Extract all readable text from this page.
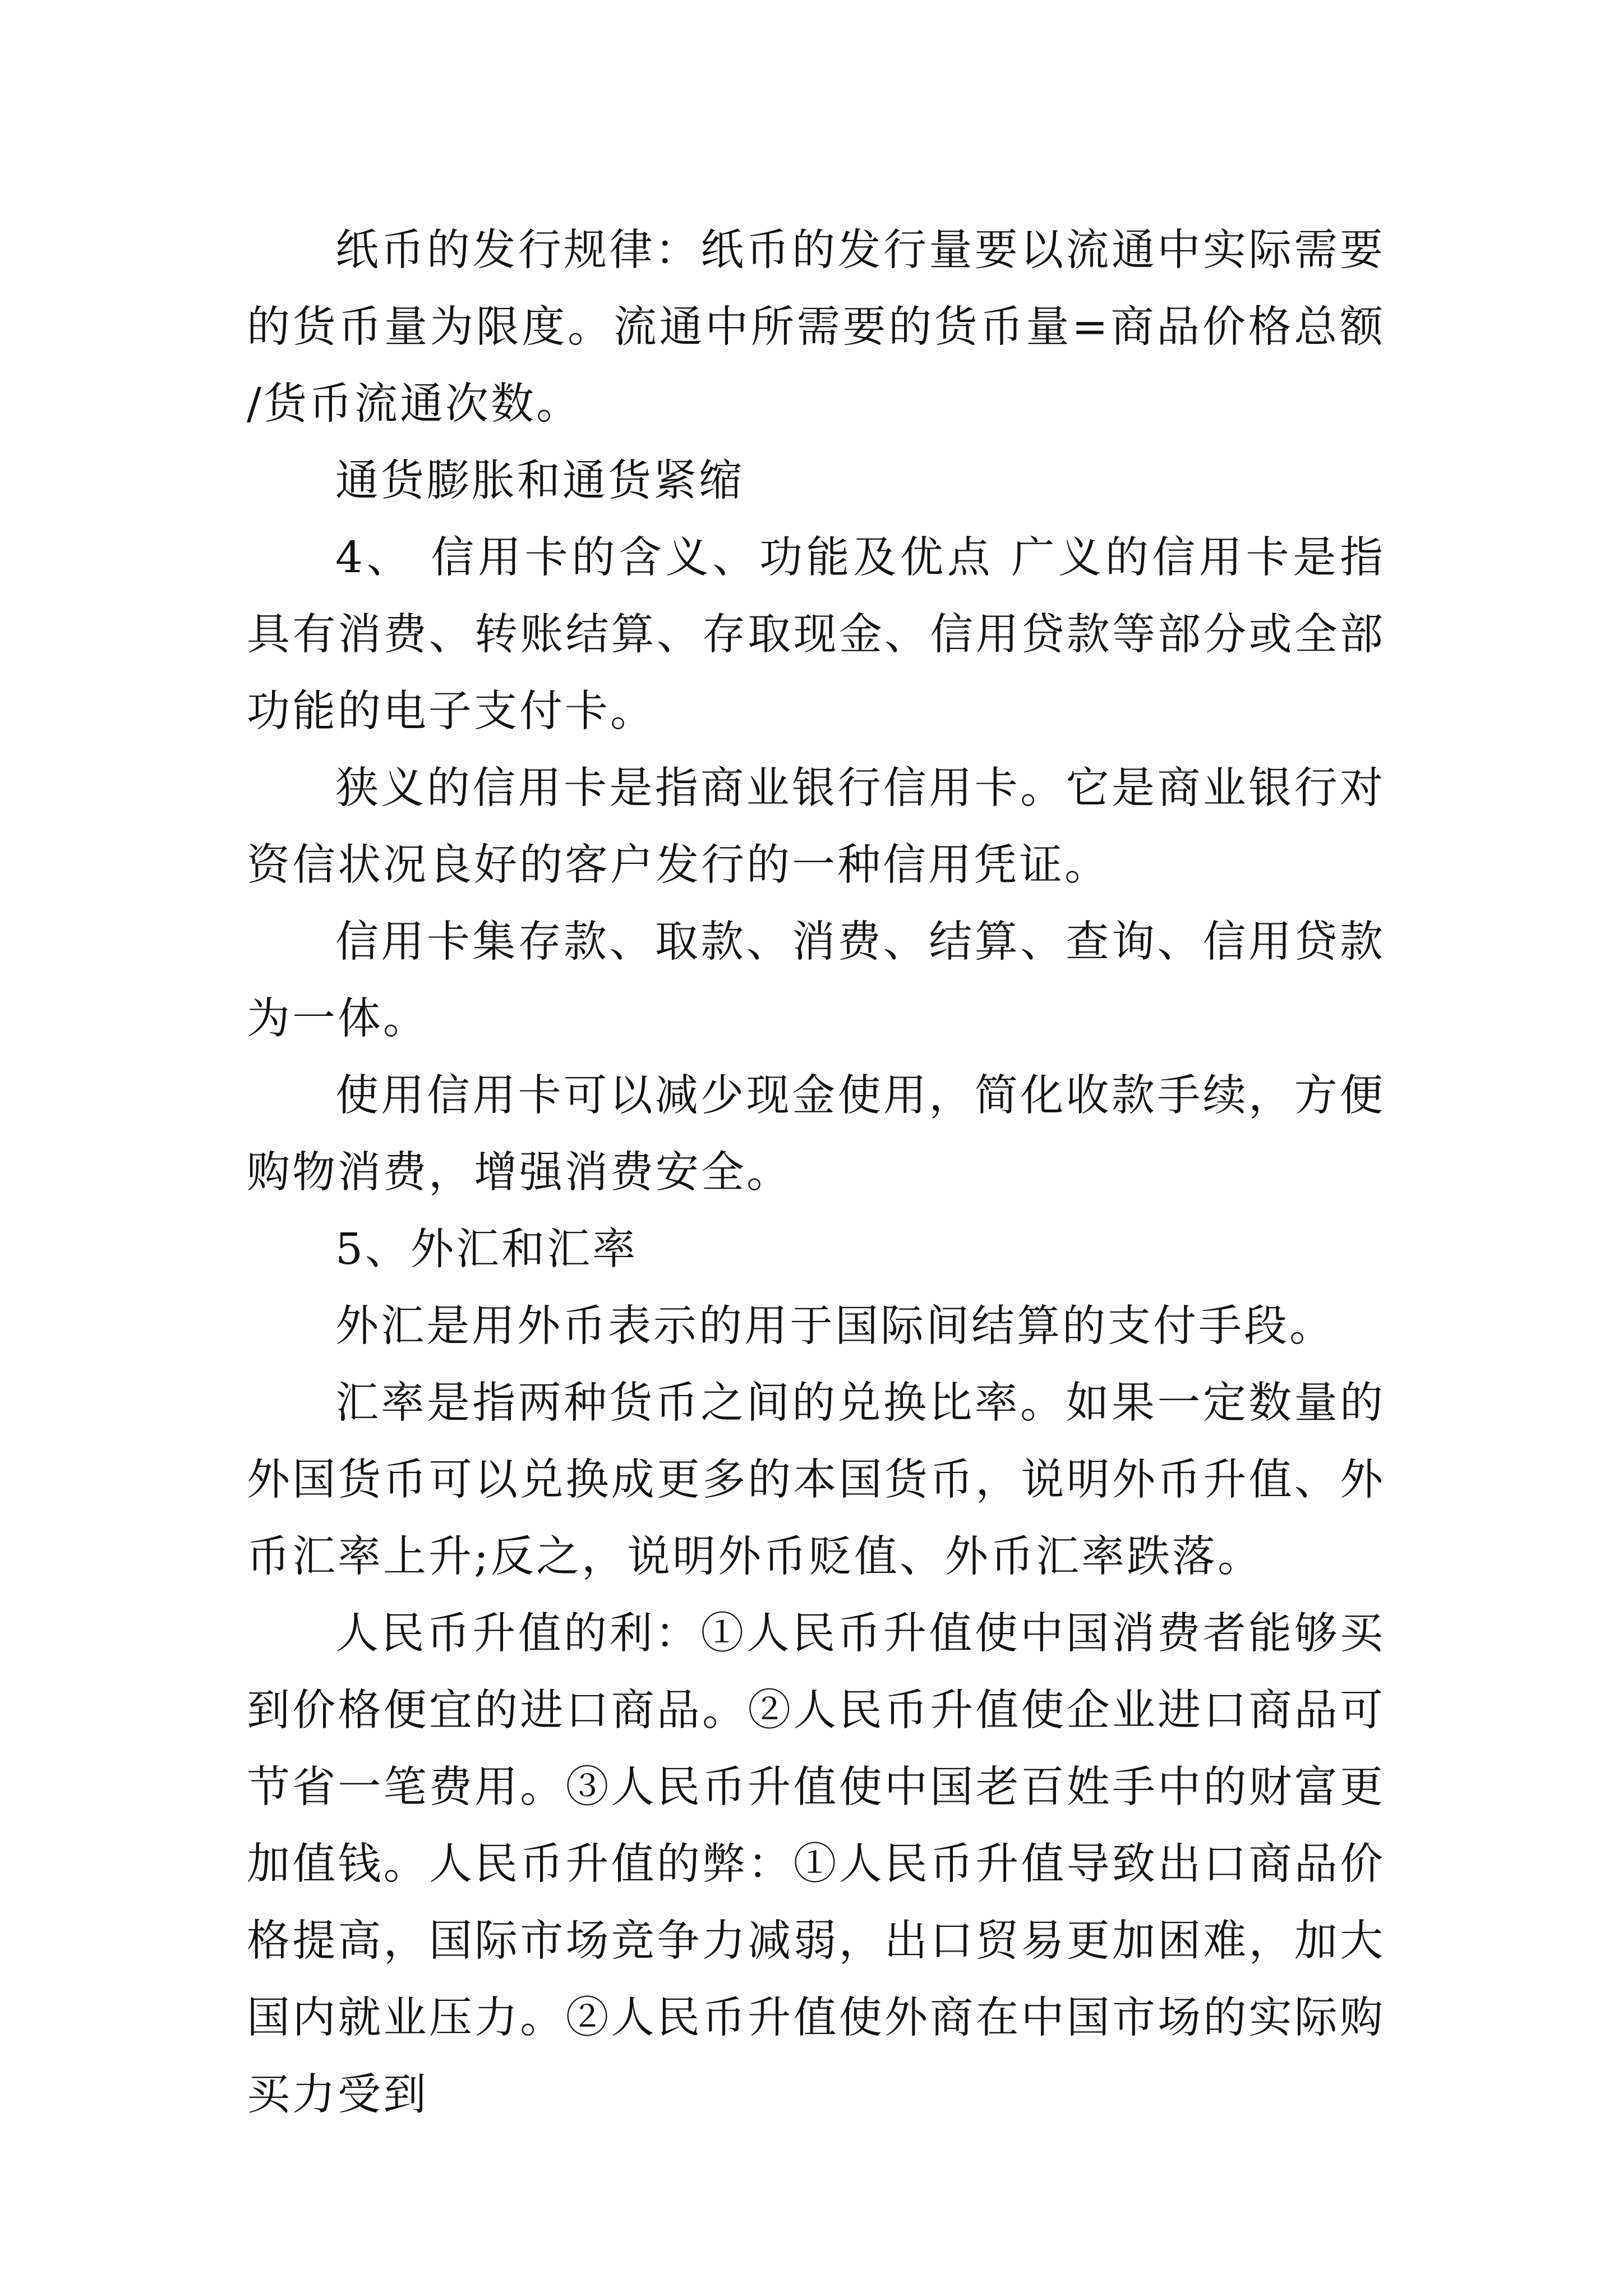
纸币的发行规律：纸币的发行量要以流通中实际需要的货币量为限度。流通中所需要的货币量=商品价格总额/货币流通次数。

通货膨胀和通货紧缩

4、 信用卡的含义、功能及优点 广义的信用卡是指具有消费、转账结算、存取现金、信用贷款等部分或全部功能的电子支付卡。

狭义的信用卡是指商业银行信用卡。它是商业银行对资信状况良好的客户发行的一种信用凭证。

信用卡集存款、取款、消费、结算、查询、信用贷款为一体。

使用信用卡可以减少现金使用，简化收款手续，方便购物消费，增强消费安全。

5、外汇和汇率

外汇是用外币表示的用于国际间结算的支付手段。

汇率是指两种货币之间的兑换比率。如果一定数量的外国货币可以兑换成更多的本国货币，说明外币升值、外币汇率上升;反之，说明外币贬值、外币汇率跌落。

人民币升值的利：①人民币升值使中国消费者能够买到价格便宜的进口商品。②人民币升值使企业进口商品可节省一笔费用。③人民币升值使中国老百姓手中的财富更加值钱。人民币升值的弊：①人民币升值导致出口商品价格提高，国际市场竞争力减弱，出口贸易更加困难，加大国内就业压力。②人民币升值使外商在中国市场的实际购买力受到
